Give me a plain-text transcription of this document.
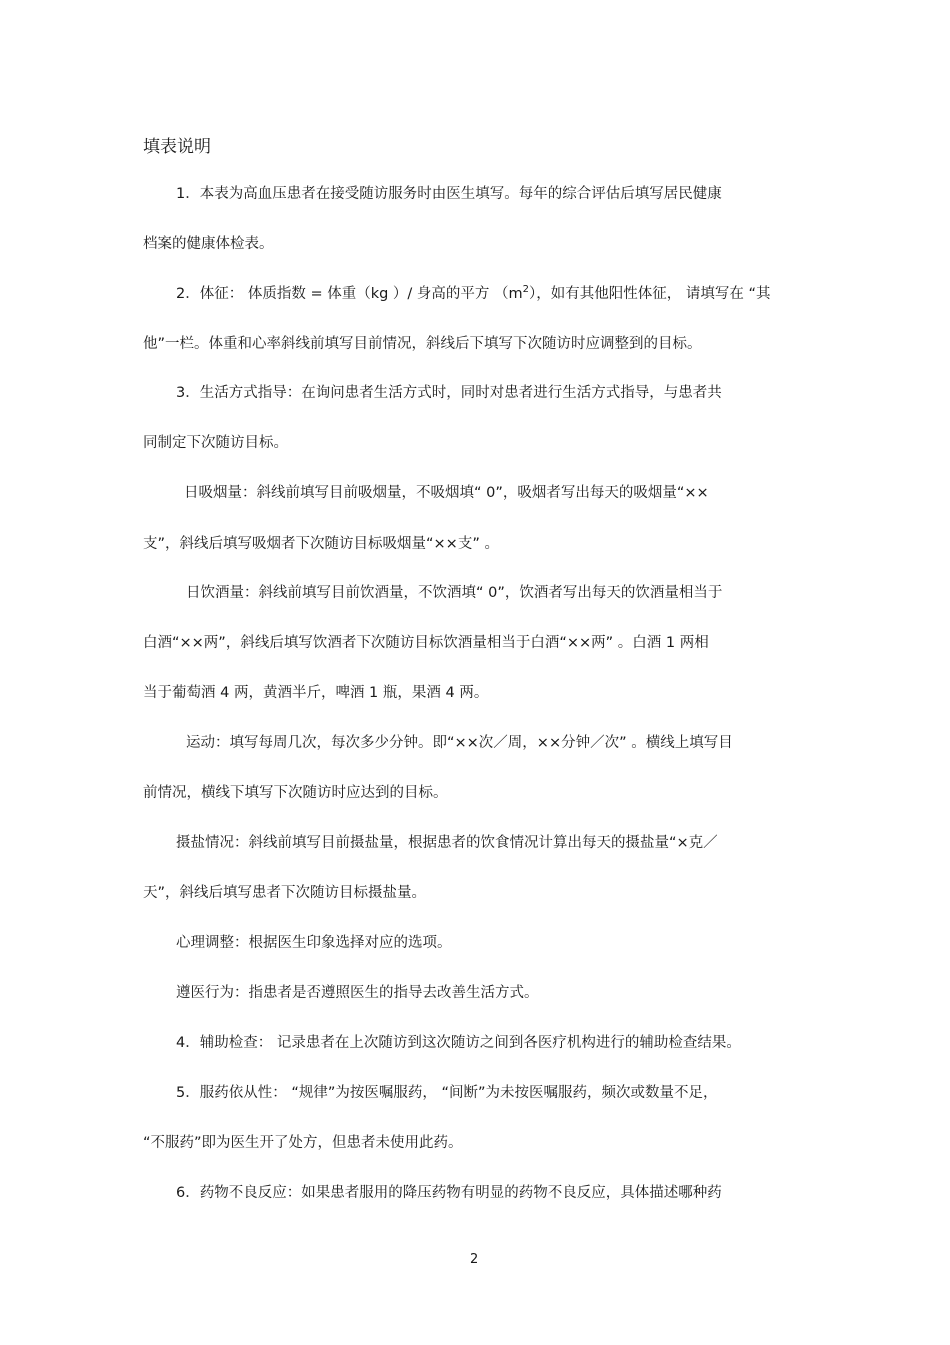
填表说明
1．本表为高血压患者在接受随访服务时由医生填写。每年的综合评估后填写居民健康
档案的健康体检表。
2．体征： 体质指数 = 体重（kg ）/ 身高的平方 $(m^2)$，如有其他阳性体征， 请填写在 “其
他”一栏。体重和心率斜线前填写目前情况，斜线后下填写下次随访时应调整到的目标。
3．生活方式指导：在询问患者生活方式时，同时对患者进行生活方式指导，与患者共
同制定下次随访目标。
日吸烟量：斜线前填写目前吸烟量，不吸烟填“ 0”，吸烟者写出每天的吸烟量“××
支”，斜线后填写吸烟者下次随访目标吸烟量“××支” 。
日饮酒量：斜线前填写目前饮酒量，不饮酒填“ 0”，饮酒者写出每天的饮酒量相当于
白酒“××两”，斜线后填写饮酒者下次随访目标饮酒量相当于白酒“××两” 。白酒 1 两相
当于葡萄酒 4 两，黄酒半斤，啤酒 1 瓶，果酒 4 两。
运动：填写每周几次，每次多少分钟。即“××次／周，××分钟／次” 。横线上填写目
前情况，横线下填写下次随访时应达到的目标。
摄盐情况：斜线前填写目前摄盐量，根据患者的饮食情况计算出每天的摄盐量“×克／
天”，斜线后填写患者下次随访目标摄盐量。
心理调整：根据医生印象选择对应的选项。
遵医行为：指患者是否遵照医生的指导去改善生活方式。
4．辅助检查： 记录患者在上次随访到这次随访之间到各医疗机构进行的辅助检查结果。
5．服药依从性： “规律”为按医嘱服药， “间断”为未按医嘱服药，频次或数量不足，
“不服药”即为医生开了处方，但患者未使用此药。
6．药物不良反应：如果患者服用的降压药物有明显的药物不良反应，具体描述哪种药
2
